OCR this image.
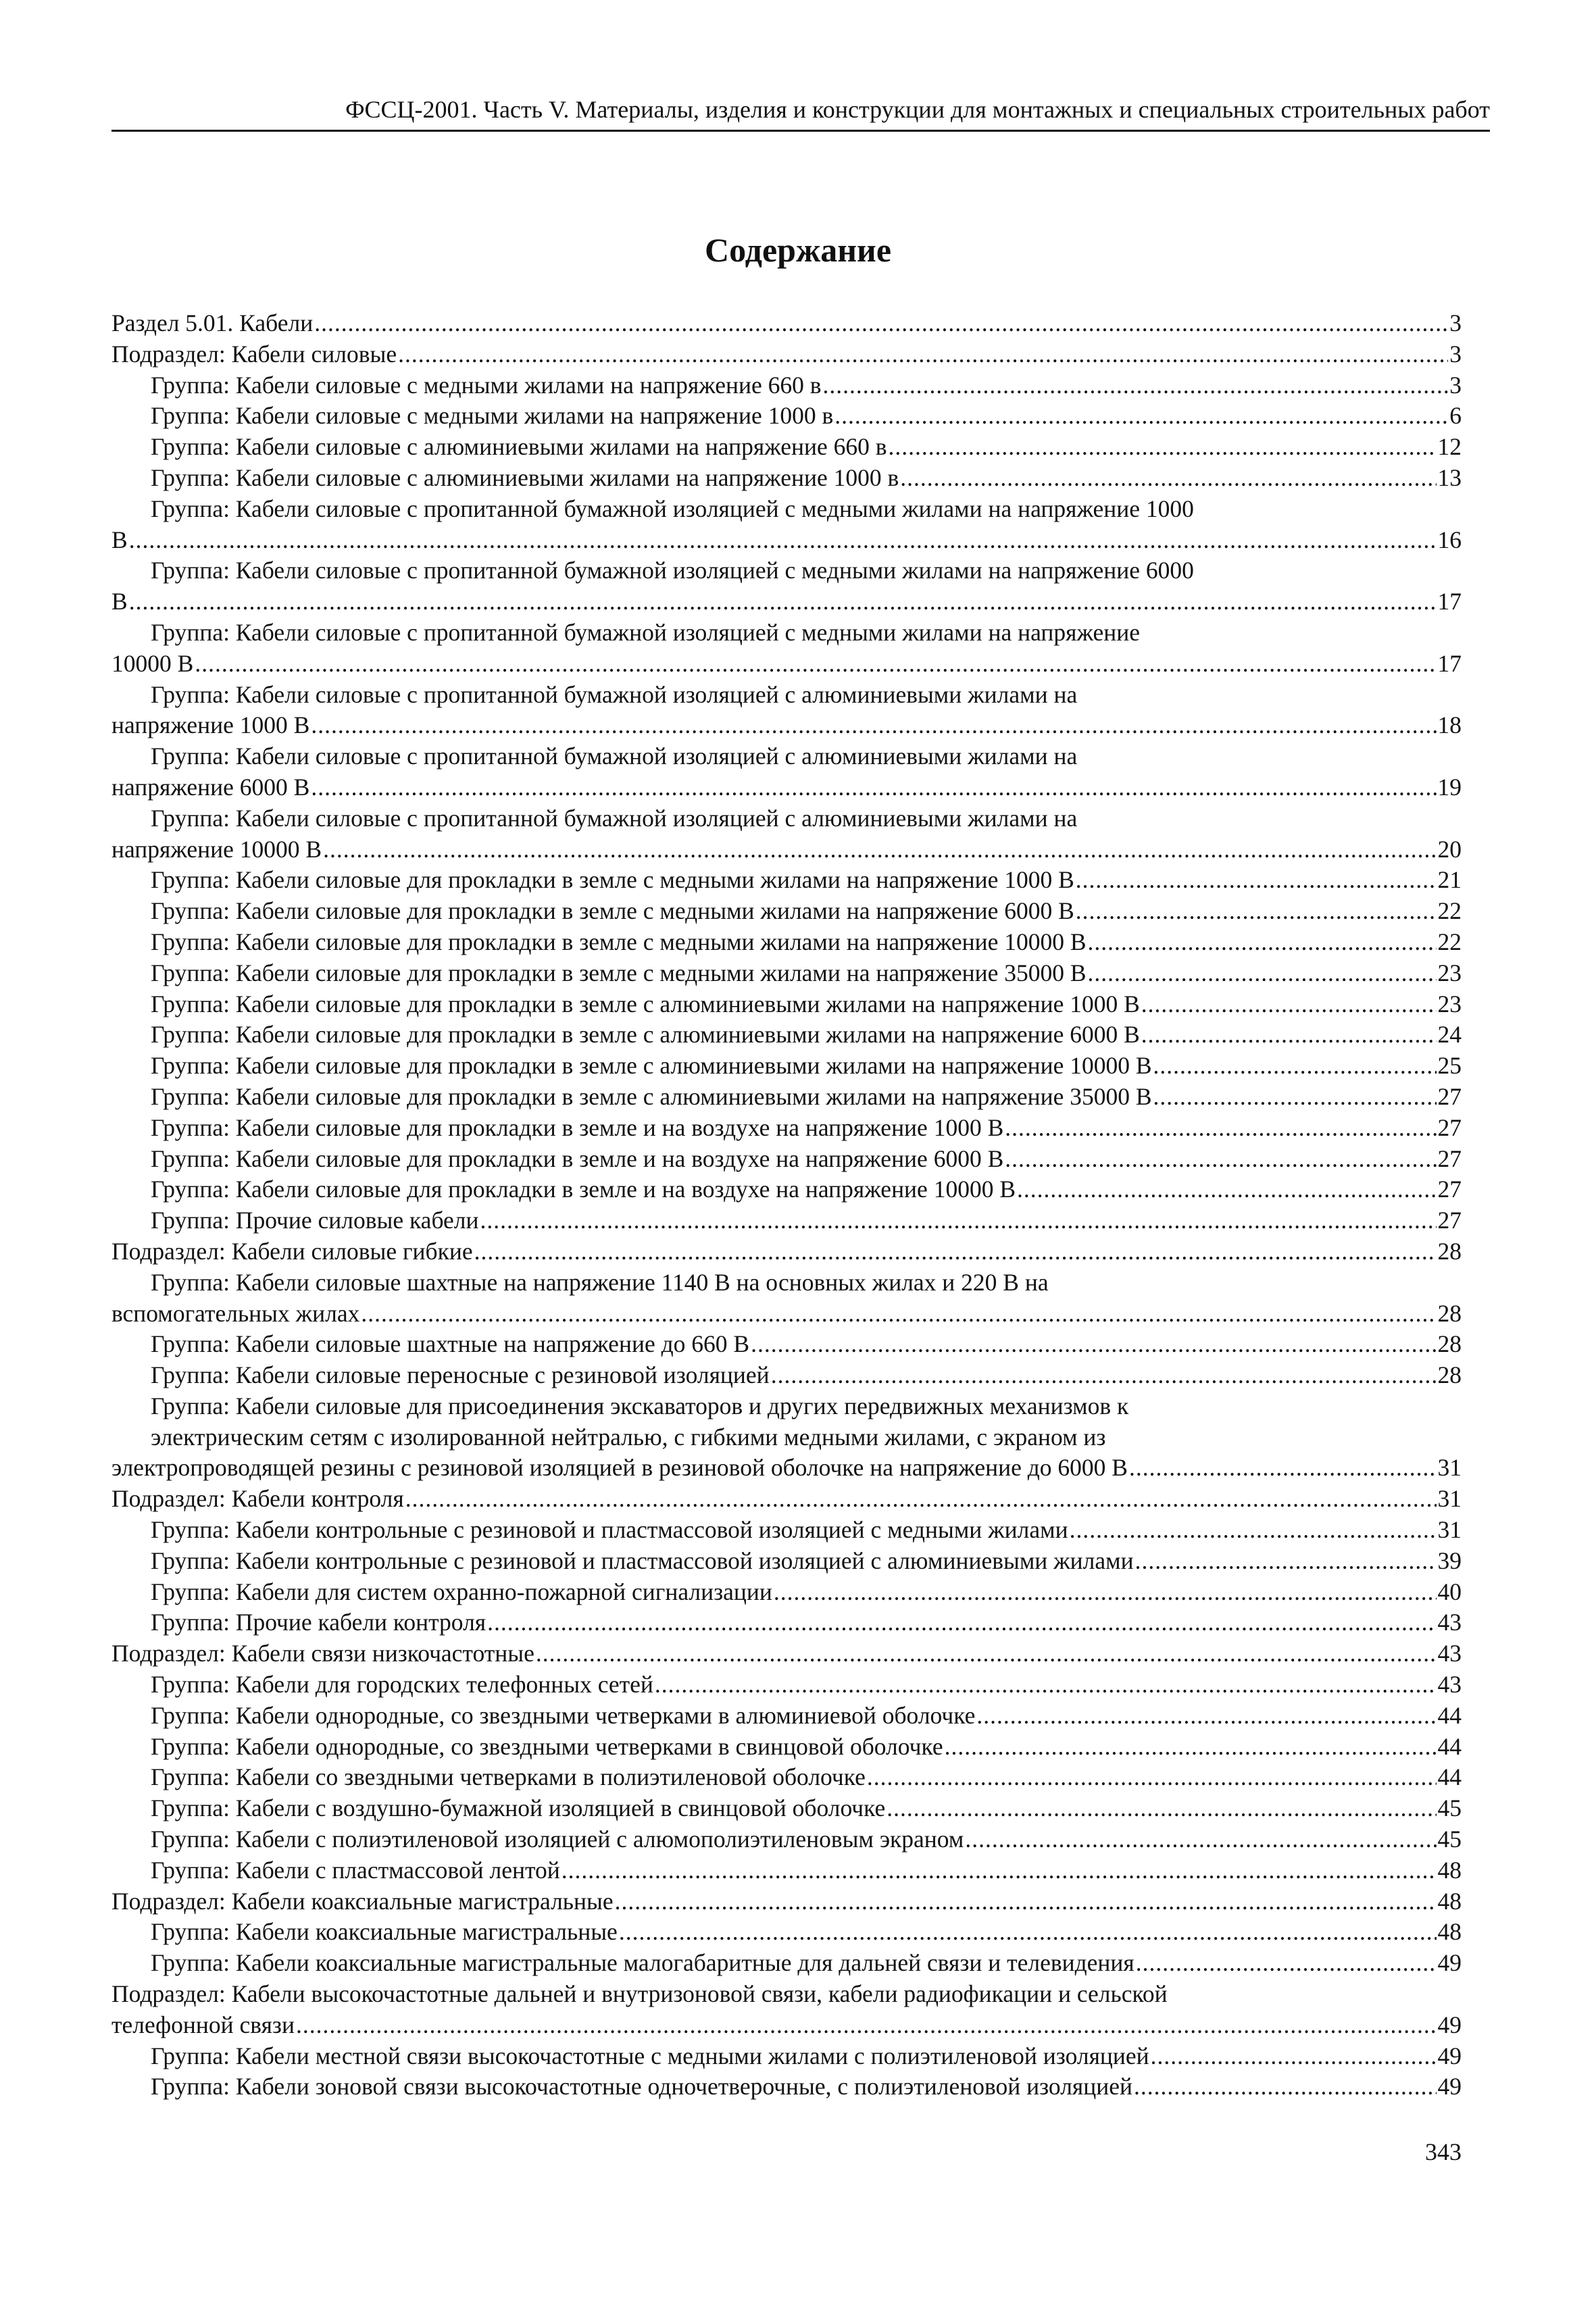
ФССЦ-2001. Часть V. Материалы, изделия и конструкции для монтажных и специальных строительных работ
Содержание
Раздел 5.01. Кабели .....	3
Подраздел: Кабели силовые .....	3
Группа: Кабели силовые с медными жилами на напряжение 660 в .....	3
Группа: Кабели силовые с медными жилами на напряжение 1000 в .....	6
Группа: Кабели силовые с алюминиевыми жилами на напряжение 660 в .....	12
Группа: Кабели силовые с алюминиевыми жилами на напряжение 1000 в .....	13
Группа: Кабели силовые с пропитанной бумажной изоляцией с медными жилами на напряжение 1000
В .....	16
Группа: Кабели силовые с пропитанной бумажной изоляцией с медными жилами на напряжение 6000
В .....	17
Группа: Кабели силовые с пропитанной бумажной изоляцией с медными жилами на напряжение
10000 В .....	17
Группа: Кабели силовые с пропитанной бумажной изоляцией с алюминиевыми жилами на
напряжение 1000 В .....	18
Группа: Кабели силовые с пропитанной бумажной изоляцией с алюминиевыми жилами на
напряжение 6000 В .....	19
Группа: Кабели силовые с пропитанной бумажной изоляцией с алюминиевыми жилами на
напряжение 10000 В .....	20
Группа: Кабели силовые для прокладки в земле с медными жилами на напряжение 1000 В .....	21
Группа: Кабели силовые для прокладки в земле с медными жилами на напряжение 6000 В .....	22
Группа: Кабели силовые для прокладки в земле с медными жилами на напряжение 10000 В .....	22
Группа: Кабели силовые для прокладки в земле с медными жилами на напряжение 35000 В .....	23
Группа: Кабели силовые для прокладки в земле с алюминиевыми жилами на напряжение 1000 В .....	23
Группа: Кабели силовые для прокладки в земле с алюминиевыми жилами на напряжение 6000 В .....	24
Группа: Кабели силовые для прокладки в земле с алюминиевыми жилами на напряжение 10000 В .....	25
Группа: Кабели силовые для прокладки в земле с алюминиевыми жилами на напряжение 35000 В .....	27
Группа: Кабели силовые для прокладки в земле и на воздухе на напряжение 1000 В .....	27
Группа: Кабели силовые для прокладки в земле и на воздухе на напряжение 6000 В .....	27
Группа: Кабели силовые для прокладки в земле и на воздухе на напряжение 10000 В .....	27
Группа: Прочие силовые кабели .....	27
Подраздел: Кабели силовые гибкие .....	28
Группа: Кабели силовые шахтные на напряжение 1140 В на основных жилах и 220 В на
вспомогательных жилах .....	28
Группа: Кабели силовые шахтные на напряжение до 660 В .....	28
Группа: Кабели силовые переносные с резиновой изоляцией .....	28
Группа: Кабели силовые для присоединения экскаваторов и других передвижных механизмов к
электрическим сетям с изолированной нейтралью, с гибкими медными жилами, с экраном из
электропроводящей резины с резиновой изоляцией в резиновой оболочке на напряжение до 6000 В .....	31
Подраздел: Кабели контроля .....	31
Группа: Кабели контрольные с резиновой и пластмассовой изоляцией с медными жилами .....	31
Группа: Кабели контрольные с резиновой и пластмассовой изоляцией с алюминиевыми жилами .....	39
Группа: Кабели для систем охранно-пожарной сигнализации .....	40
Группа: Прочие кабели контроля .....	43
Подраздел: Кабели связи низкочастотные .....	43
Группа: Кабели для городских телефонных сетей .....	43
Группа: Кабели однородные, со звездными четверками в алюминиевой оболочке .....	44
Группа: Кабели однородные, со звездными четверками в свинцовой оболочке .....	44
Группа: Кабели со звездными четверками в полиэтиленовой оболочке .....	44
Группа: Кабели с воздушно-бумажной изоляцией в свинцовой оболочке .....	45
Группа: Кабели с полиэтиленовой изоляцией с алюмополиэтиленовым экраном .....	45
Группа: Кабели с пластмассовой лентой .....	48
Подраздел: Кабели коаксиальные магистральные .....	48
Группа: Кабели коаксиальные магистральные .....	48
Группа: Кабели коаксиальные магистральные малогабаритные для дальней связи и телевидения .....	49
Подраздел: Кабели высокочастотные дальней и внутризоновой связи, кабели радиофикации и сельской
телефонной связи .....	49
Группа: Кабели местной связи высокочастотные с медными жилами с полиэтиленовой изоляцией .....	49
Группа: Кабели зоновой связи высокочастотные одночетверочные, с полиэтиленовой изоляцией .....	49
343
